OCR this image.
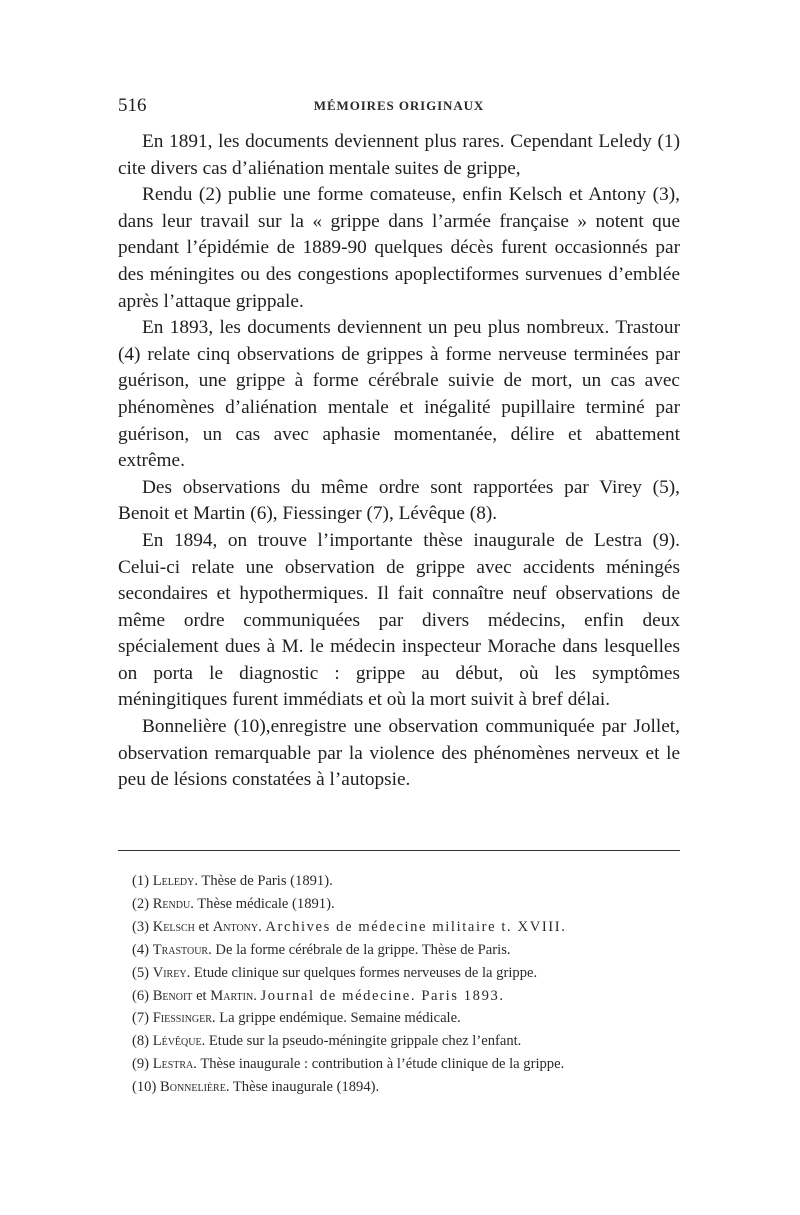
516	MÉMOIRES ORIGINAUX

En 1891, les documents deviennent plus rares. Cependant Leledy (1) cite divers cas d’aliénation mentale suites de grippe,

Rendu (2) publie une forme comateuse, enfin Kelsch et Antony (3), dans leur travail sur la « grippe dans l’armée française » notent que pendant l’épidémie de 1889-90 quelques décès furent occasionnés par des méningites ou des congestions apoplectiformes survenues d’emblée après l’attaque grippale.

En 1893, les documents deviennent un peu plus nombreux. Trastour (4) relate cinq observations de grippes à forme nerveuse terminées par guérison, une grippe à forme cérébrale suivie de mort, un cas avec phénomènes d’aliénation mentale et inégalité pupillaire terminé par guérison, un cas avec aphasie momentanée, délire et abattement extrême.

Des observations du même ordre sont rapportées par Virey (5), Benoit et Martin (6), Fiessinger (7), Lévêque (8).

En 1894, on trouve l’importante thèse inaugurale de Lestra (9). Celui-ci relate une observation de grippe avec accidents méningés secondaires et hypothermiques. Il fait connaître neuf observations de même ordre communiquées par divers médecins, enfin deux spécialement dues à M. le médecin inspecteur Morache dans lesquelles on porta le diagnostic : grippe au début, où les symptômes méningitiques furent immédiats et où la mort suivit à bref délai.

Bonnelière (10),enregistre une observation communiquée par Jollet, observation remarquable par la violence des phénomènes nerveux et le peu de lésions constatées à l’autopsie.

(1) Leledy. Thèse de Paris (1891).

(2) Rendu. Thèse médicale (1891).

(3) Kelsch et Antony. Archives de médecine militaire t. XVIII.

(4) Trastour. De la forme cérébrale de la grippe. Thèse de Paris.

(5) Virey. Etude clinique sur quelques formes nerveuses de la grippe.

(6) Benoit et Martin. Journal de médecine. Paris 1893.

(7) Fiessinger. La grippe endémique. Semaine médicale.

(8) Lévêque. Etude sur la pseudo-méningite grippale chez l’enfant.

(9) Lestra. Thèse inaugurale : contribution à l’étude clinique de la grippe.

(10) Bonnelière. Thèse inaugurale (1894).
